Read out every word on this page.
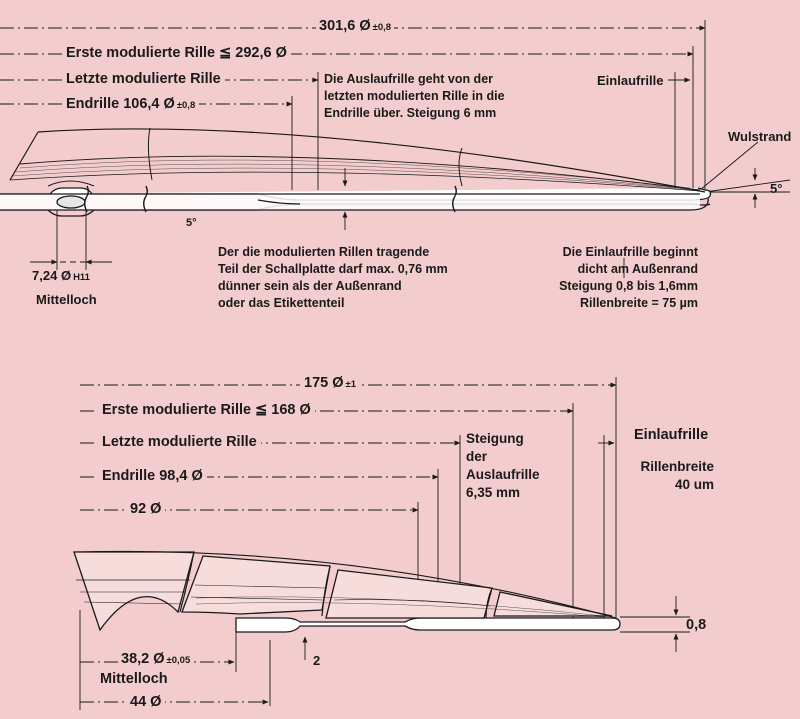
301,6 Ø ±0,8
Erste modulierte Rille ≦ 292,6 Ø
Letzte modulierte Rille
Endrille 106,4 Ø ±0,8
Die Auslaufrille geht von der
letzten modulierten Rille in die
Endrille über. Steigung 6 mm
Einlaufrille
Wulstrand
5°
5°
7,24 Ø H11
Mittelloch
Der die modulierten Rillen tragende
Teil der Schallplatte darf max. 0,76 mm
dünner sein als der Außenrand
oder das Etikettenteil
Die Einlaufrille beginnt
dicht am Außenrand
Steigung 0,8 bis 1,6mm
Rillenbreite = 75 µm
175 Ø ±1
Erste modulierte Rille ≦ 168 Ø
Letzte modulierte Rille
Endrille 98,4 Ø
92 Ø
Steigung
der
Auslaufrille
6,35 mm
Einlaufrille
Rillenbreite
40 um
0,8
2
38,2 Ø ±0,05
Mittelloch
44 Ø
